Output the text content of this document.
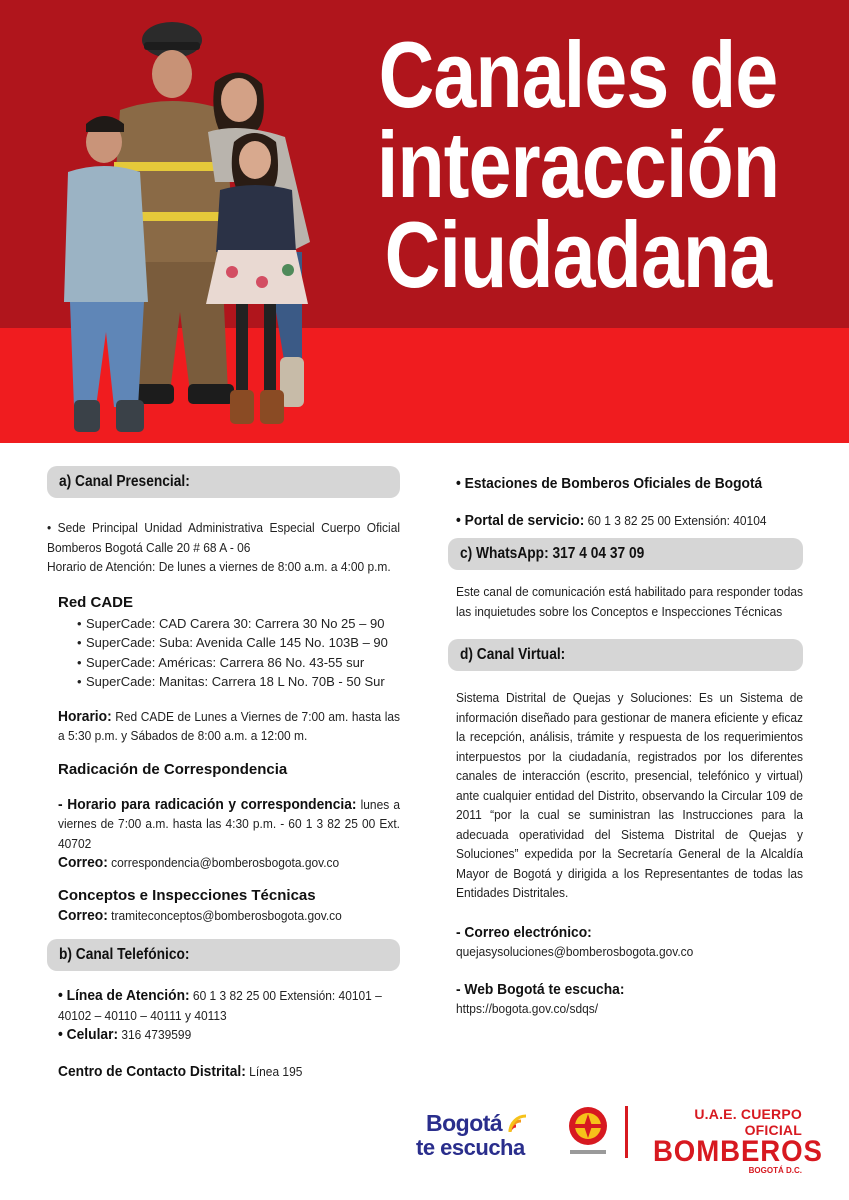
Canales de
interacción
Ciudadana
a) Canal Presencial:
• Sede Principal Unidad Administrativa Especial Cuerpo Oficial Bomberos Bogotá Calle 20 # 68 A - 06
Horario de Atención: De lunes a viernes de 8:00 a.m. a 4:00 p.m.
Red CADE
• SuperCade: CAD Carera 30: Carrera 30 No 25 – 90
• SuperCade: Suba: Avenida Calle 145 No. 103B – 90
• SuperCade: Américas: Carrera 86 No. 43-55 sur
• SuperCade: Manitas: Carrera 18 L No. 70B - 50 Sur
Horario: Red CADE de Lunes a Viernes de 7:00 am. hasta las a 5:30 p.m. y Sábados de 8:00 a.m. a 12:00 m.
Radicación de Correspondencia
- Horario para radicación y correspondencia: lunes a viernes de 7:00 a.m. hasta las 4:30 p.m. - 60 1 3 82 25 00 Ext. 40702
Correo: correspondencia@bomberosbogota.gov.co
Conceptos e Inspecciones Técnicas
Correo: tramiteconceptos@bomberosbogota.gov.co
b) Canal Telefónico:
• Línea de Atención: 60 1 3 82 25 00 Extensión: 40101 – 40102 – 40110 – 40111 y 40113
• Celular: 316 4739599
Centro de Contacto Distrital: Línea 195
• Estaciones de Bomberos Oficiales de Bogotá
• Portal de servicio: 60 1 3 82 25 00 Extensión: 40104
c) WhatsApp: 317 4 04 37 09
Este canal de comunicación está habilitado para responder todas las inquietudes sobre los Conceptos e Inspecciones Técnicas
d) Canal Virtual:
Sistema Distrital de Quejas y Soluciones: Es un Sistema de información diseñado para gestionar de manera eficiente y eficaz la recepción, análisis, trámite y respuesta de los requerimientos interpuestos por la ciudadanía, registrados por los diferentes canales de interacción (escrito, presencial, telefónico y virtual) ante cualquier entidad del Distrito, observando la Circular 109 de 2011 “por la cual se suministran las Instrucciones para la adecuada operatividad del Sistema Distrital de Quejas y Soluciones” expedida por la Secretaría General de la Alcaldía Mayor de Bogotá y dirigida a los Representantes de todas las Entidades Distritales.
- Correo electrónico:
quejasysoluciones@bomberosbogota.gov.co
- Web Bogotá te escucha:
https://bogota.gov.co/sdqs/
Bogotá
te escucha
U.A.E. CUERPO OFICIAL
BOMBEROS
BOGOTÁ D.C.
